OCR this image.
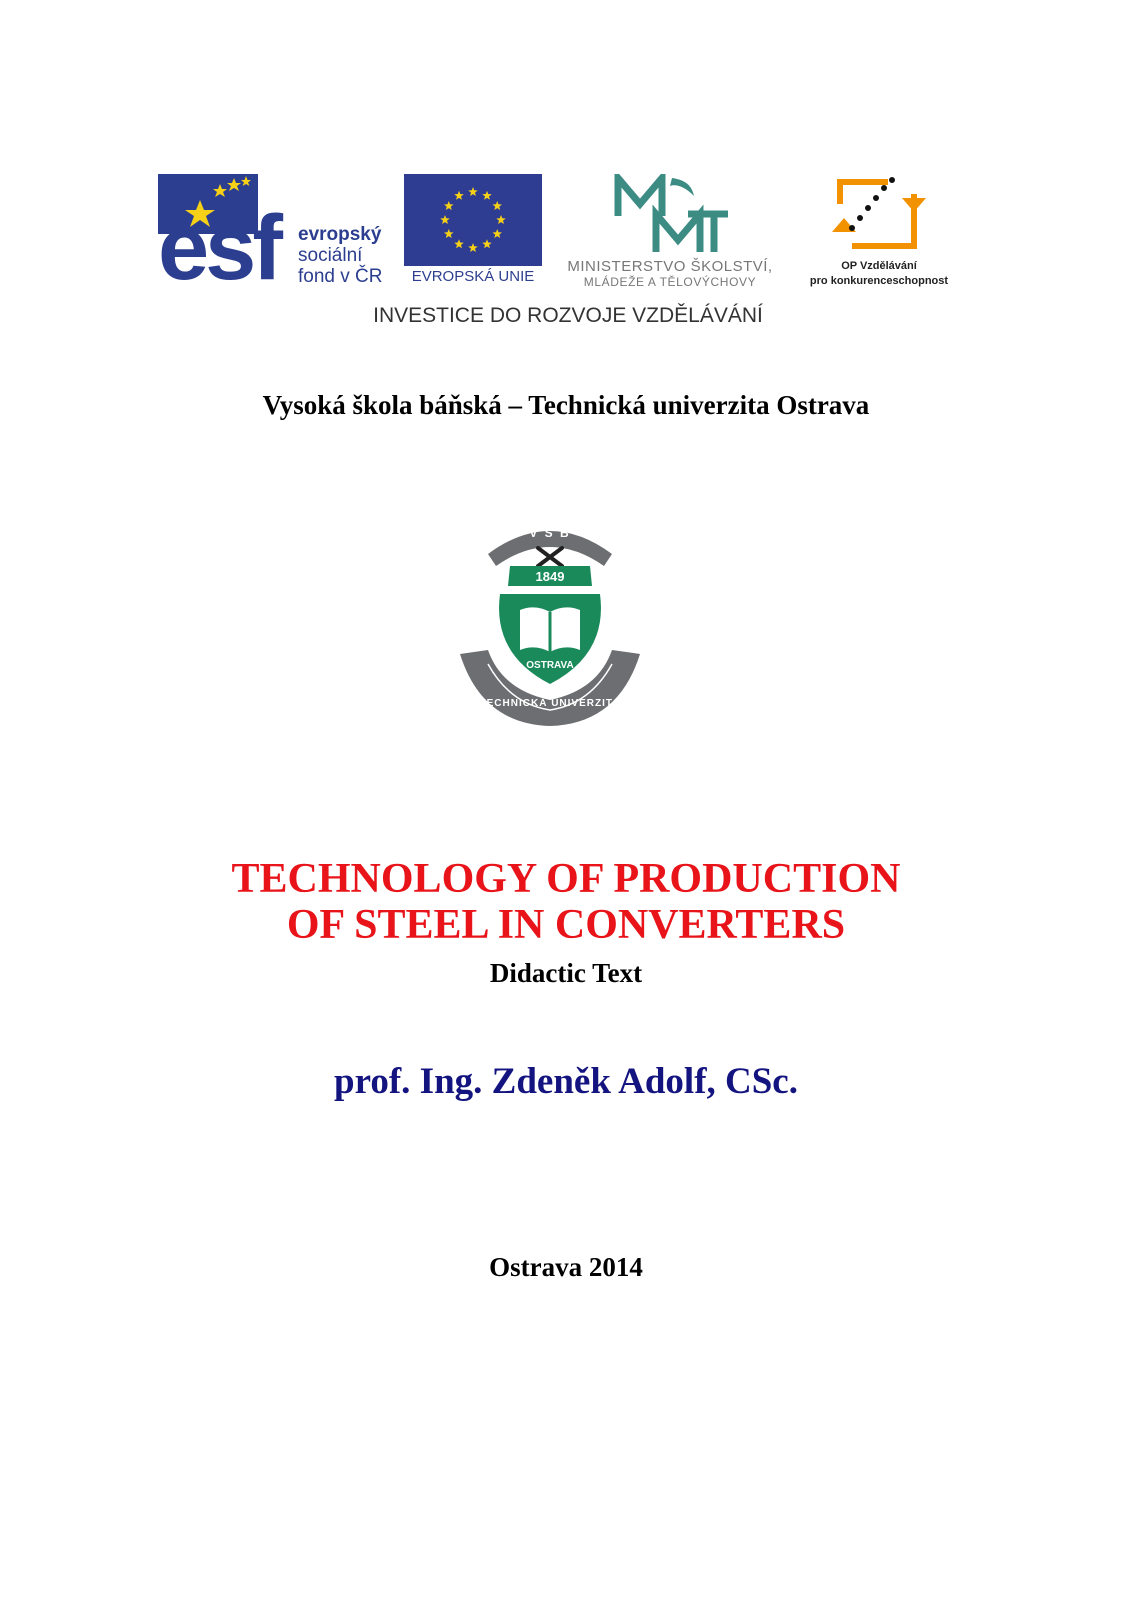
esf evropský
sociální
fond v ČR	EVROPSKÁ UNIE
MINISTERSTVO ŠKOLSTVÍ,
MLÁDEŽE A TĚLOVÝCHOVY
OP Vzdělávání
pro konkurenceschopnost
INVESTICE DO ROZVOJE VZDĚLÁVÁNÍ
Vysoká škola báňská – Technická univerzita Ostrava
V Š B
1849
OSTRAVA
TECHNICKÁ UNIVERZITA
TECHNOLOGY OF PRODUCTION
OF STEEL IN CONVERTERS
Didactic Text
prof. Ing. Zdeněk Adolf, CSc.
Ostrava 2014
